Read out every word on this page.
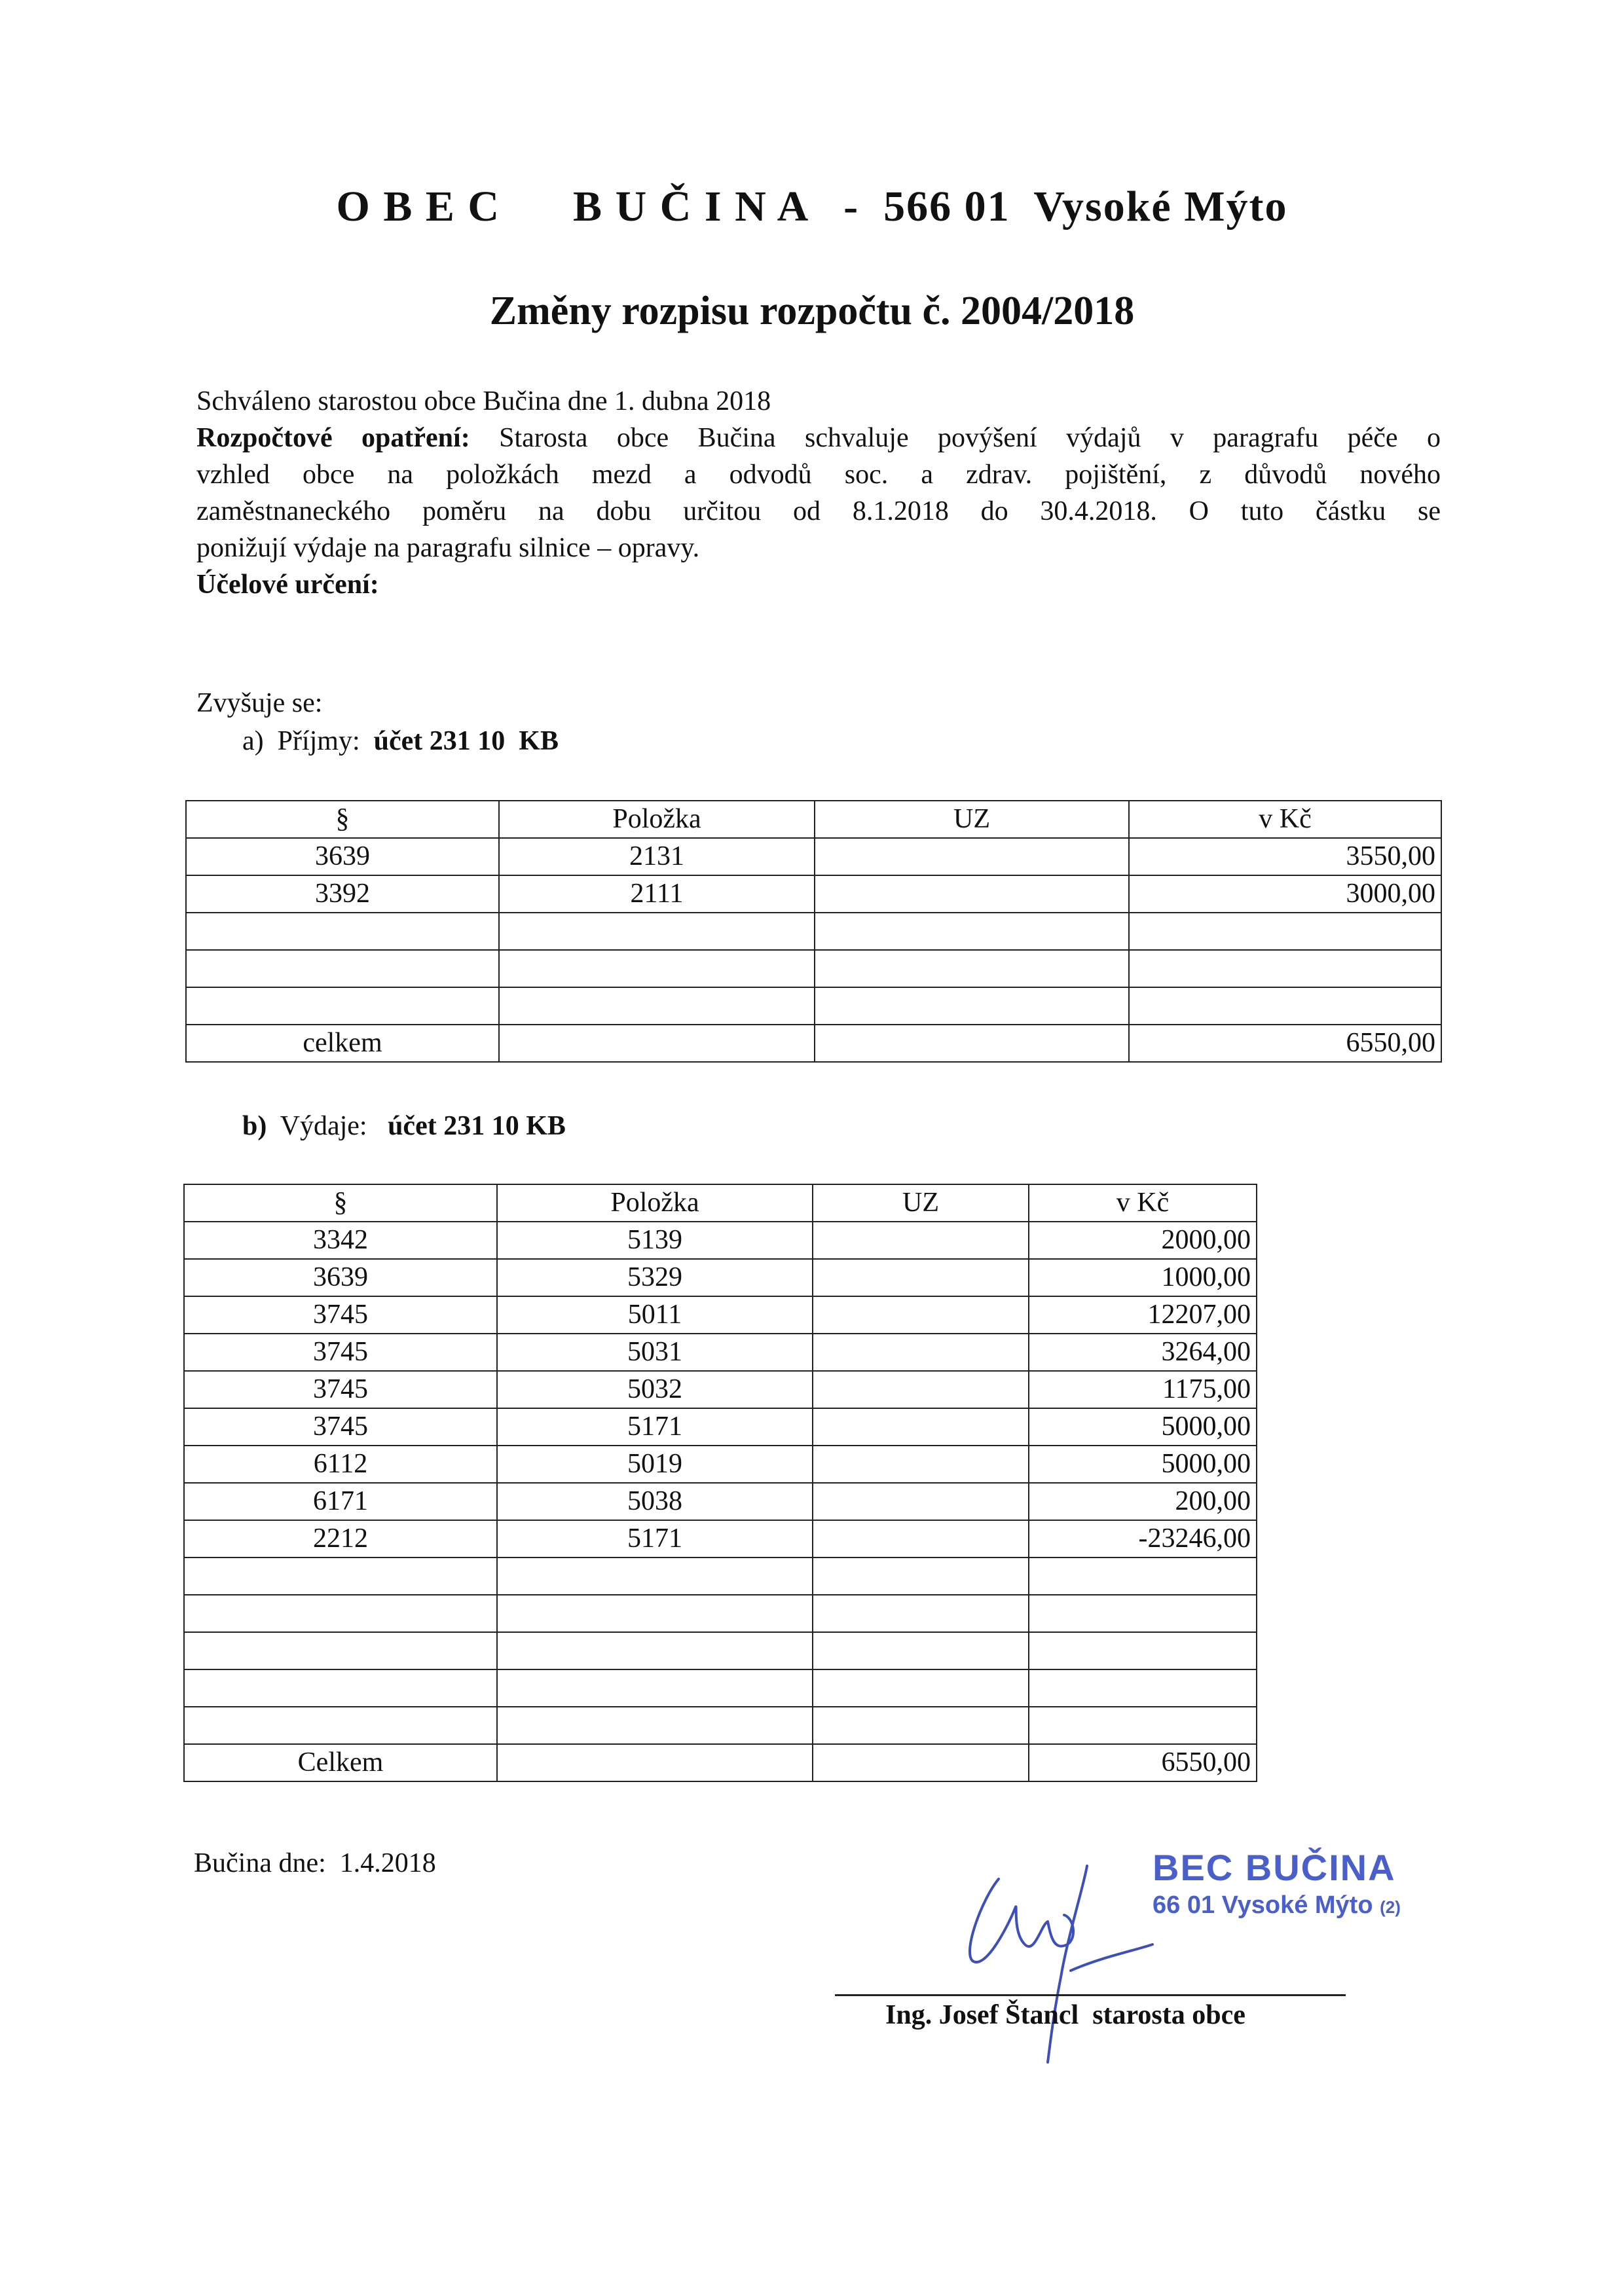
O B E C      B U Č I N A   -  566 01  Vysoké Mýto
Změny rozpisu rozpočtu č. 2004/2018
Schváleno starostou obce Bučina dne 1. dubna 2018
Rozpočtové opatření: Starosta obce Bučina schvaluje povýšení výdajů v paragrafu péče o
vzhled obce na položkách mezd a odvodů soc. a zdrav. pojištění, z důvodů nového
zaměstnaneckého poměru na dobu určitou od 8.1.2018 do 30.4.2018. O tuto částku se
ponižují výdaje na paragrafu silnice – opravy.
Účelové určení:
Zvyšuje se:
a)  Příjmy: účet 231 10  KB
§	Položka	UZ	v Kč
3639	2131		3550,00
3392	2111		3000,00

celkem			6550,00
b) Výdaje: účet 231 10 KB
§	Položka	UZ	v Kč
3342	5139		2000,00
3639	5329		1000,00
3745	5011		12207,00
3745	5031		3264,00
3745	5032		1175,00
3745	5171		5000,00
6112	5019		5000,00
6171	5038		200,00
2212	5171		-23246,00

Celkem			6550,00
Bučina dne:  1.4.2018	BEC BUČINA
66 01 Vysoké Mýto (2)
Ing. Josef Štancl  starosta obce
